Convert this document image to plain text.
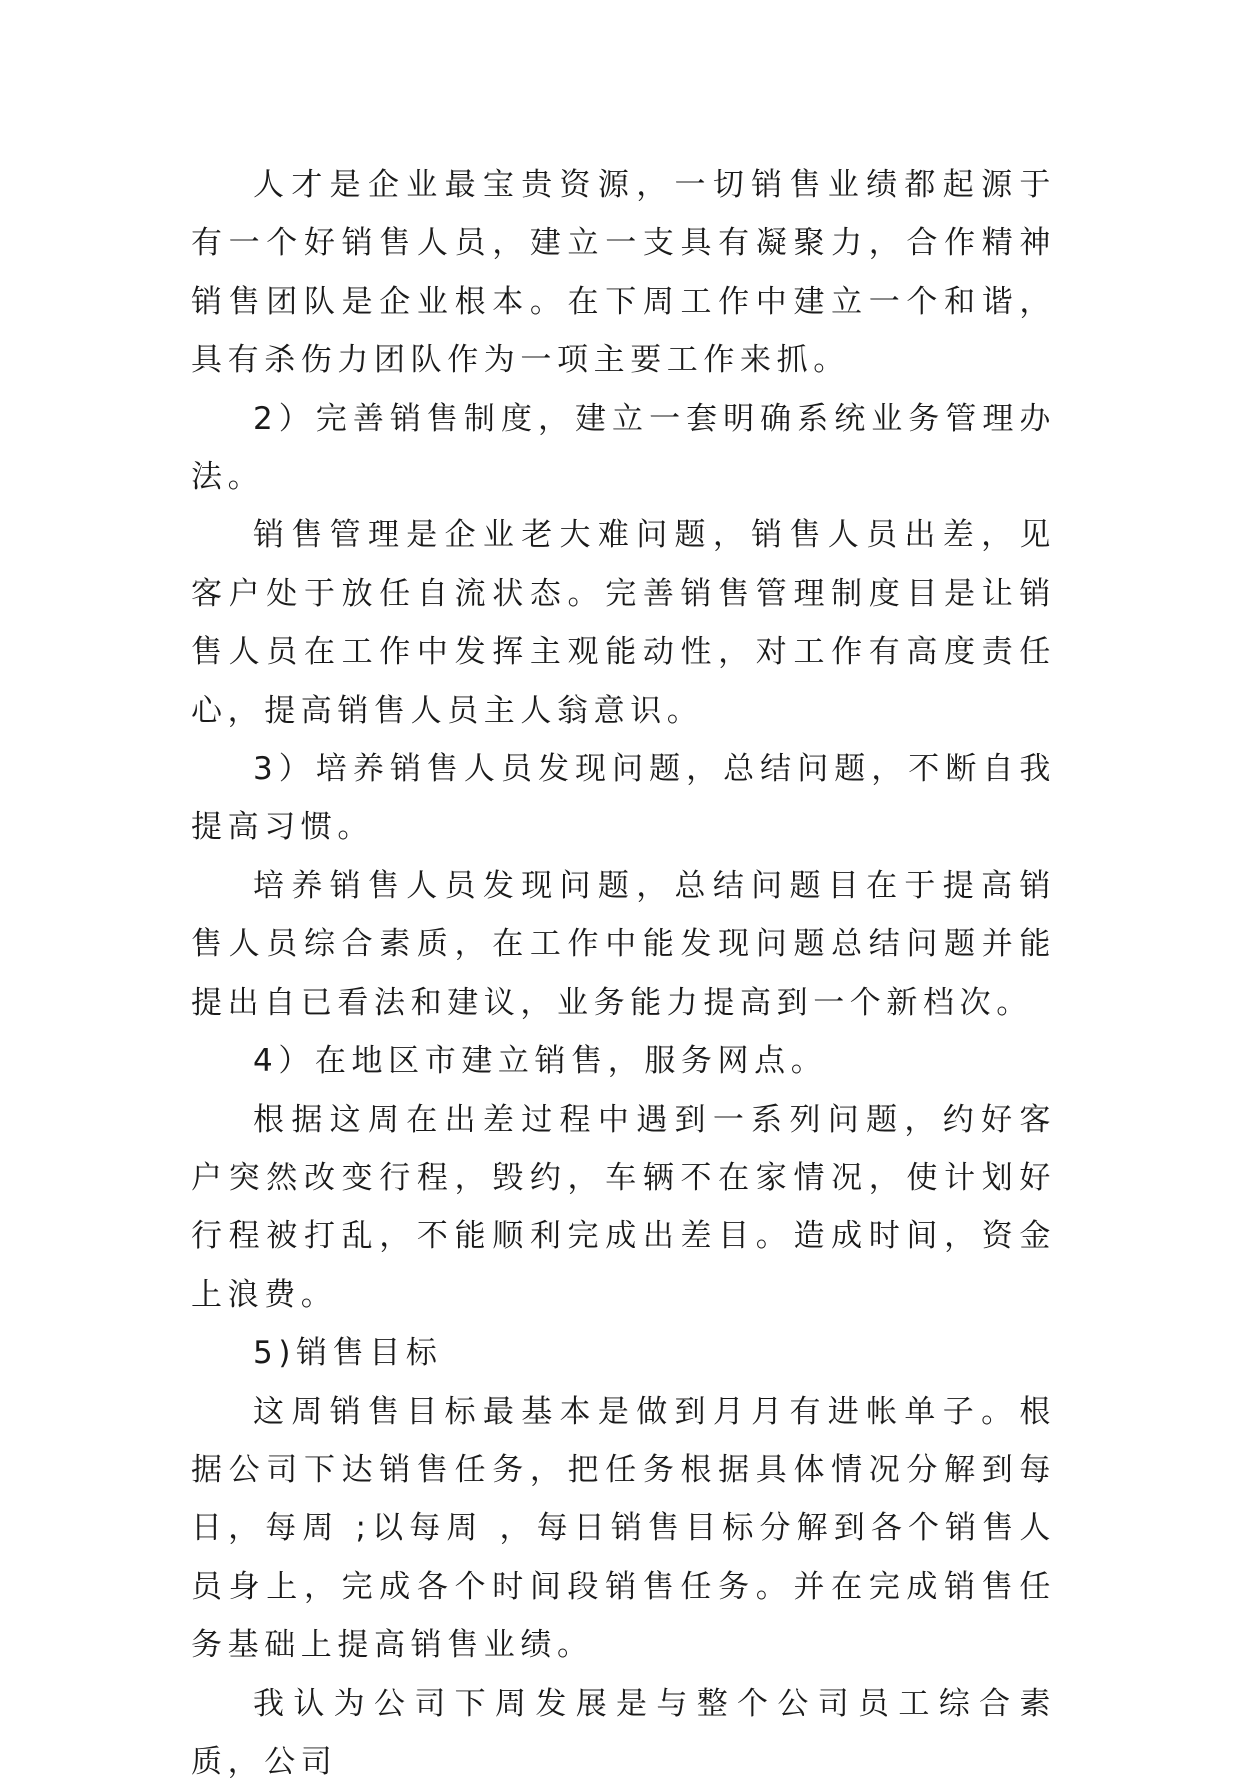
人才是企业最宝贵资源，一切销售业绩都起源于有一个好销售人员，建立一支具有凝聚力，合作精神销售团队是企业根本。在下周工作中建立一个和谐，具有杀伤力团队作为一项主要工作来抓。

2）完善销售制度，建立一套明确系统业务管理办法。

销售管理是企业老大难问题，销售人员出差，见客户处于放任自流状态。完善销售管理制度目是让销售人员在工作中发挥主观能动性，对工作有高度责任心，提高销售人员主人翁意识。

3）培养销售人员发现问题，总结问题，不断自我提高习惯。

培养销售人员发现问题，总结问题目在于提高销售人员综合素质，在工作中能发现问题总结问题并能提出自已看法和建议，业务能力提高到一个新档次。

4）在地区市建立销售，服务网点。

根据这周在出差过程中遇到一系列问题，约好客户突然改变行程，毁约，车辆不在家情况，使计划好行程被打乱，不能顺利完成出差目。造成时间，资金上浪费。

5)销售目标

这周销售目标最基本是做到月月有进帐单子。根据公司下达销售任务，把任务根据具体情况分解到每日，每周 ;以每周 ，每日销售目标分解到各个销售人员身上，完成各个时间段销售任务。并在完成销售任务基础上提高销售业绩。

我认为公司下周发展是与整个公司员工综合素质，公司
